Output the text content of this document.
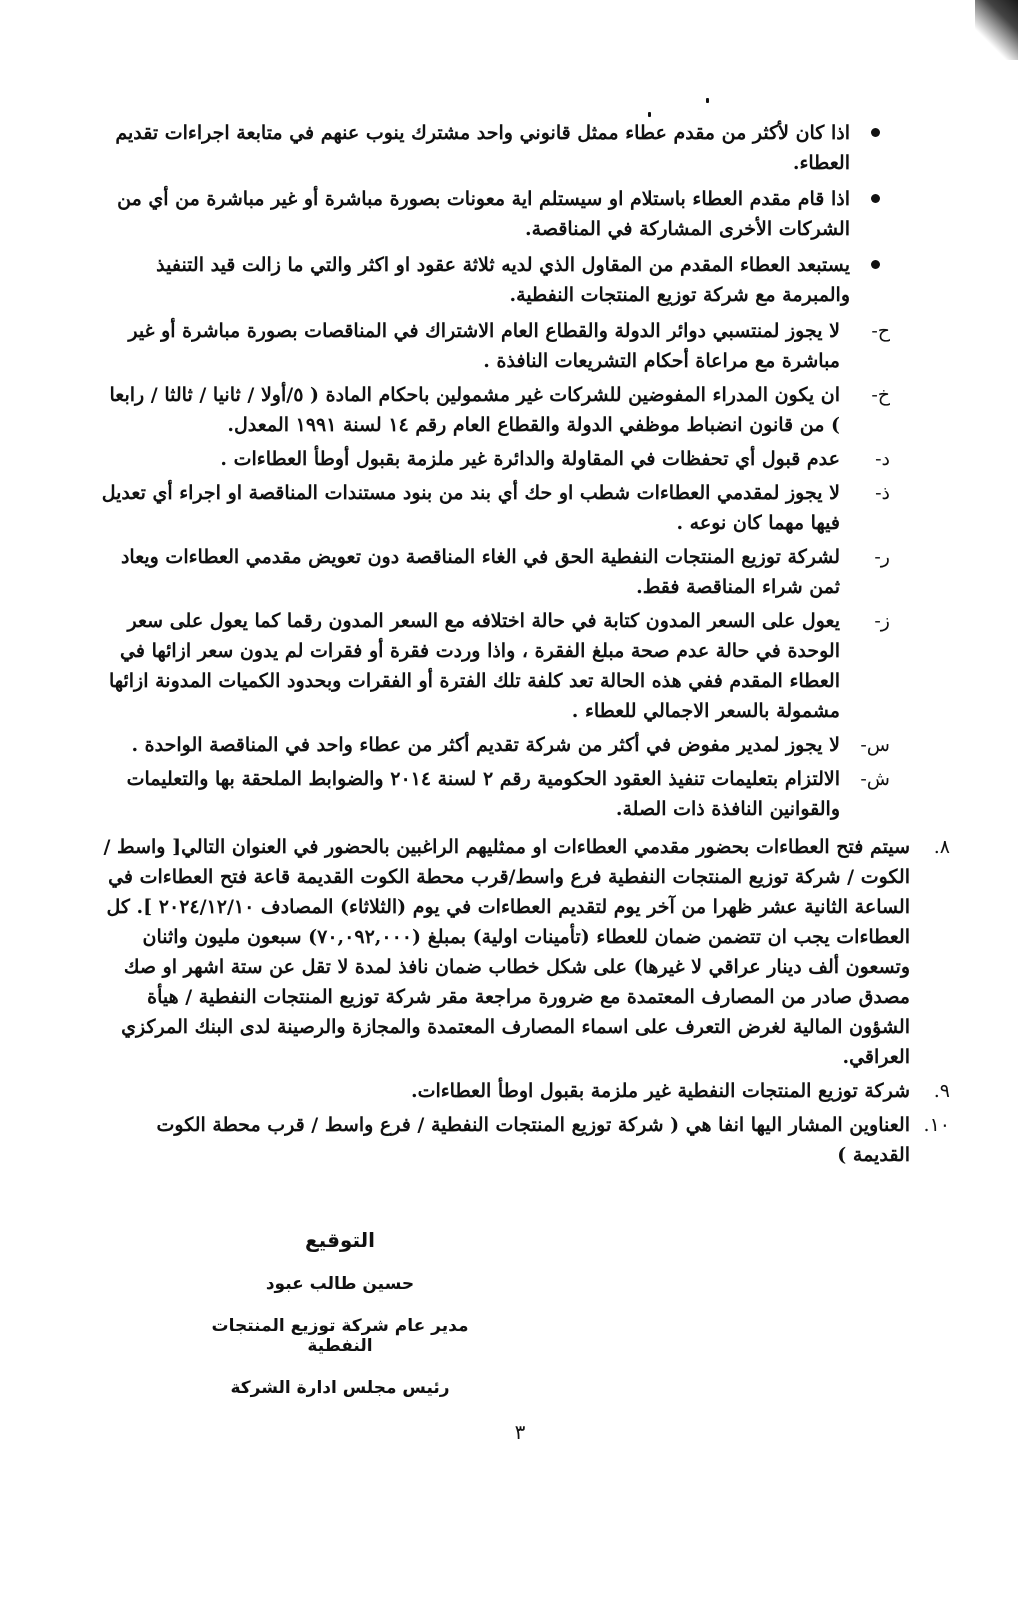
اذا كان لأكثر من مقدم عطاء ممثل قانوني واحد مشترك ينوب عنهم في متابعة اجراءات تقديم العطاء.
اذا قام مقدم العطاء باستلام او سيستلم اية معونات بصورة مباشرة أو غير مباشرة من أي من الشركات الأخرى المشاركة في المناقصة.
يستبعد العطاء المقدم من المقاول الذي لديه ثلاثة عقود او اكثر والتي ما زالت قيد التنفيذ والمبرمة مع شركة توزيع المنتجات النفطية.
ح-
لا يجوز لمنتسبي دوائر الدولة والقطاع العام الاشتراك في المناقصات بصورة مباشرة أو غير مباشرة مع مراعاة أحكام التشريعات النافذة .
خ-
ان يكون المدراء المفوضين للشركات غير مشمولين باحكام المادة ( ٥/أولا / ثانيا / ثالثا / رابعا ) من قانون انضباط موظفي الدولة والقطاع العام رقم ١٤ لسنة ١٩٩١ المعدل.
د-
عدم قبول أي تحفظات في المقاولة والدائرة غير ملزمة بقبول أوطأ العطاءات .
ذ-
لا يجوز لمقدمي العطاءات شطب او حك أي بند من بنود مستندات المناقصة او اجراء أي تعديل فيها مهما كان نوعه .
ر-
لشركة توزيع المنتجات النفطية الحق في الغاء المناقصة دون تعويض مقدمي العطاءات ويعاد ثمن شراء المناقصة فقط.
ز-
يعول على السعر المدون كتابة في حالة اختلافه مع السعر المدون رقما كما يعول على سعر الوحدة في حالة عدم صحة مبلغ الفقرة ، واذا وردت فقرة أو فقرات لم يدون سعر ازائها في العطاء المقدم ففي هذه الحالة تعد كلفة تلك الفترة أو الفقرات وبحدود الكميات المدونة ازائها مشمولة بالسعر الاجمالي للعطاء .
س-
لا يجوز لمدير مفوض في أكثر من شركة تقديم أكثر من عطاء واحد في المناقصة الواحدة .
ش-
الالتزام بتعليمات تنفيذ العقود الحكومية رقم ٢ لسنة ٢٠١٤ والضوابط الملحقة بها والتعليمات والقوانين النافذة ذات الصلة.
٨.
سيتم فتح العطاءات بحضور مقدمي العطاءات او ممثليهم الراغبين بالحضور في العنوان التالي[ واسط / الكوت / شركة توزيع المنتجات النفطية فرع واسط/قرب محطة الكوت القديمة قاعة فتح العطاءات في الساعة الثانية عشر ظهرا من آخر يوم لتقديم العطاءات في يوم (الثلاثاء) المصادف ٢٠٢٤/١٢/١٠ ]. كل العطاءات يجب ان تتضمن ضمان للعطاء (تأمينات اولية) بمبلغ (٧٠,٠٩٢,٠٠٠) سبعون مليون واثنان وتسعون ألف دينار عراقي لا غيرها) على شكل خطاب ضمان نافذ لمدة لا تقل عن ستة اشهر او صك مصدق صادر من المصارف المعتمدة مع ضرورة مراجعة مقر شركة توزيع المنتجات النفطية / هيأة الشؤون المالية لغرض التعرف على اسماء المصارف المعتمدة والمجازة والرصينة لدى البنك المركزي العراقي.
٩.
شركة توزيع المنتجات النفطية غير ملزمة بقبول اوطأ العطاءات.
١٠.
العناوين المشار اليها انفا هي ( شركة توزيع المنتجات النفطية / فرع واسط / قرب محطة الكوت القديمة )
التوقيع
حسين طالب عبود
مدير عام شركة توزيع المنتجات النفطية
رئيس مجلس ادارة الشركة
٣
